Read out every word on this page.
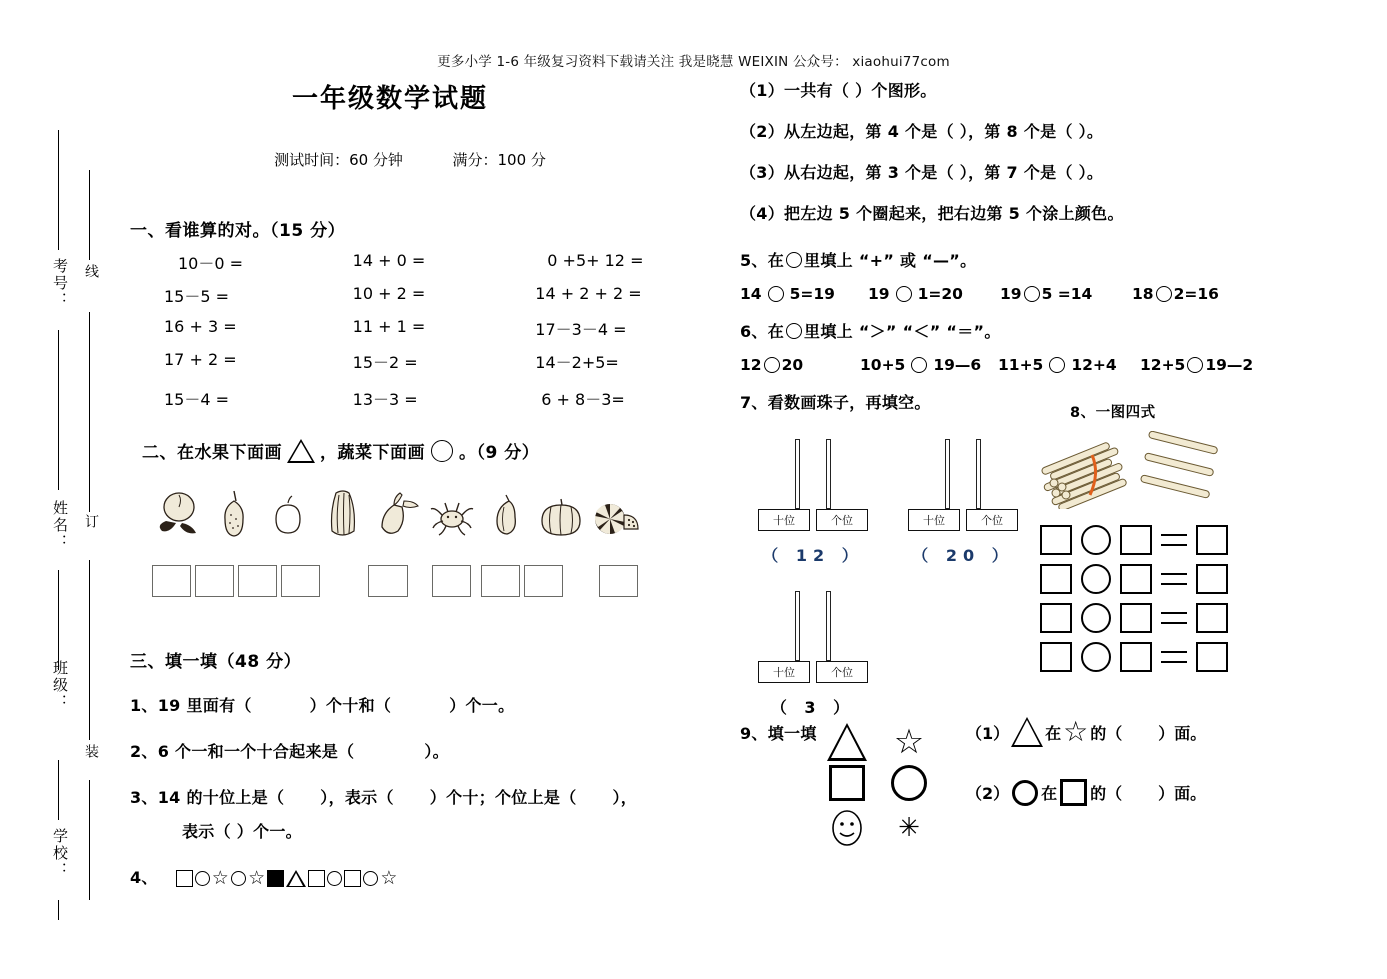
更多小学 1-6 年级复习资料下载请关注 我是晓慧 WEIXIN 公众号： xiaohui77com
考号：
姓名：
班级：
学校：
线
订
装
一年级数学试题
测试时间：60 分钟	满分：100 分
一、看谁算的对。（15 分）
10－0 =	14 + 0 =	0 +5+ 12 =
15－5 =	10 + 2 =	14 + 2 + 2 =
16 + 3 =	11 + 1 =	17－3－4 =
17 + 2 =	15－2 =	14－2+5=
15－4 =	13－3 =	6 + 8－3=
二、在水果下面画 ，蔬菜下面画 。（9 分）
三、填一填（48 分）
1、19 里面有（	）个十和（	）个一。
2、6 个一和一个十合起来是（	）。
3、14 的十位上是（ ），表示（ ）个十；个位上是（ ），
表示（ ）个一。
4、	☆ ☆	☆
（1）一共有（ ）个图形。
（2）从左边起，第 4 个是（ ），第 8 个是（ ）。
（3）从右边起，第 3 个是（ ），第 7 个是（ ）。
（4）把左边 5 个圈起来，把右边第 5 个涂上颜色。
5、在 里填上 “+” 或 “—”。
14 5=19 19 1=20 19 5 =14	18 2=16
6、在 里填上 “＞” “＜” “＝”。
12 20	10+5 19—6 11+5 12+4 12+5 19—2
7、看数画珠子，再填空。
十位	个位
（ 12 ）
十位	个位
（ 20 ）
十位	个位
（ 3 ）
8、一图四式
9、填一填 ☆
✳
（1） 在 ☆ 的（ ）面。
（2） 在 的（ ）面。
